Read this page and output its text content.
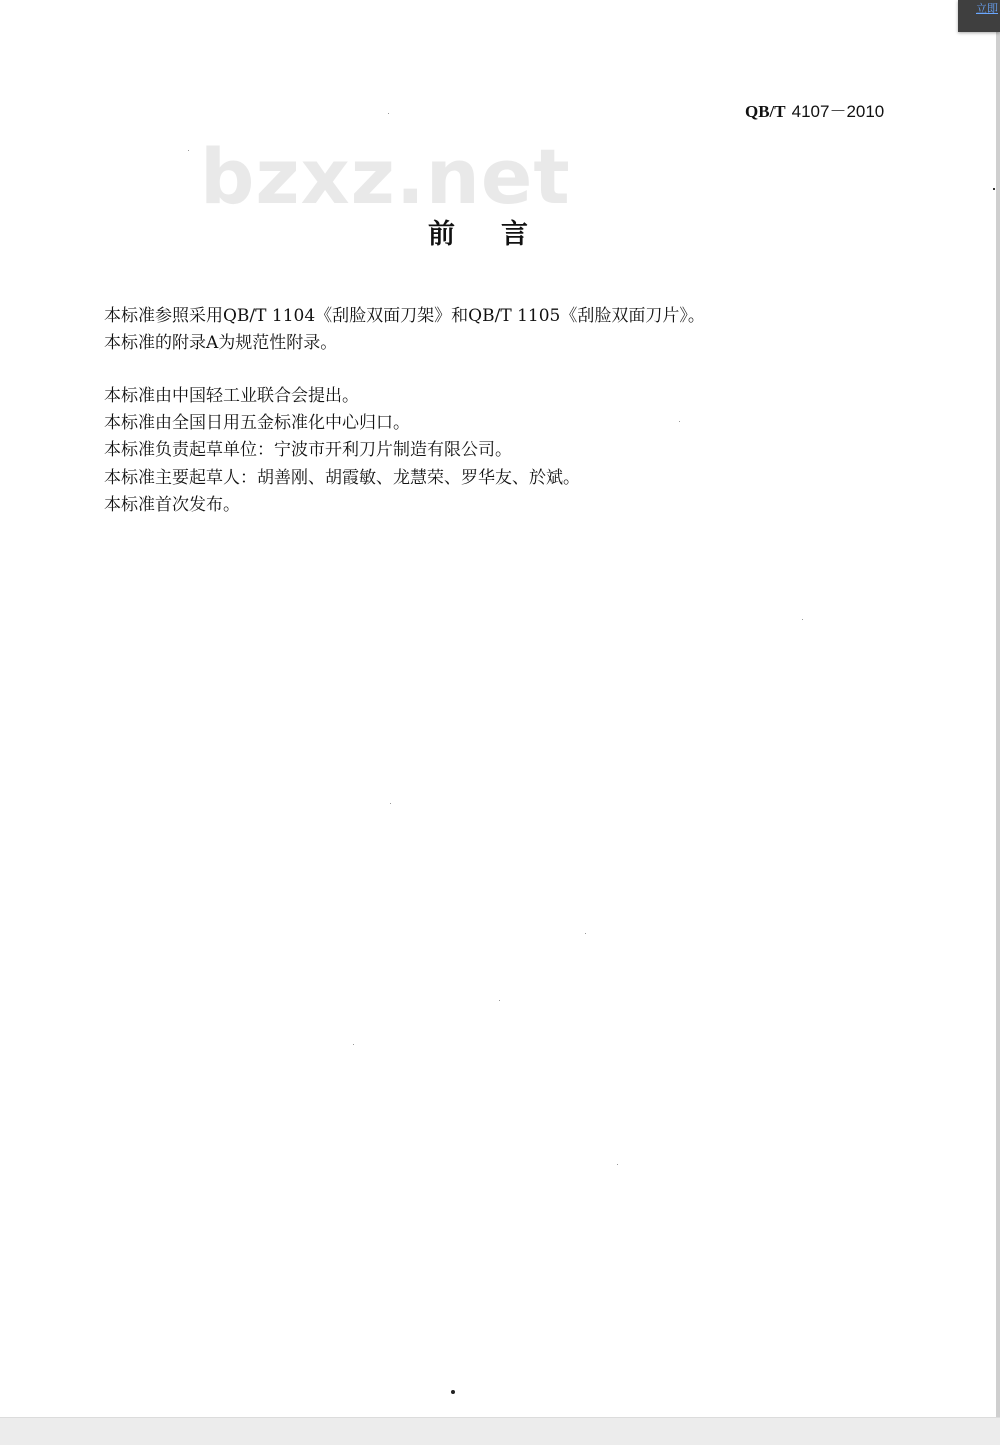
QB/T 4107－2010
bzxz.net
前言
本标准参照采用QB/T 1104《刮脸双面刀架》和QB/T 1105《刮脸双面刀片》。
本标准的附录A为规范性附录。
本标准由中国轻工业联合会提出。
本标准由全国日用五金标准化中心归口。
本标准负责起草单位：宁波市开利刀片制造有限公司。
本标准主要起草人：胡善刚、胡霞敏、龙慧荣、罗华友、於斌。
本标准首次发布。
立即
